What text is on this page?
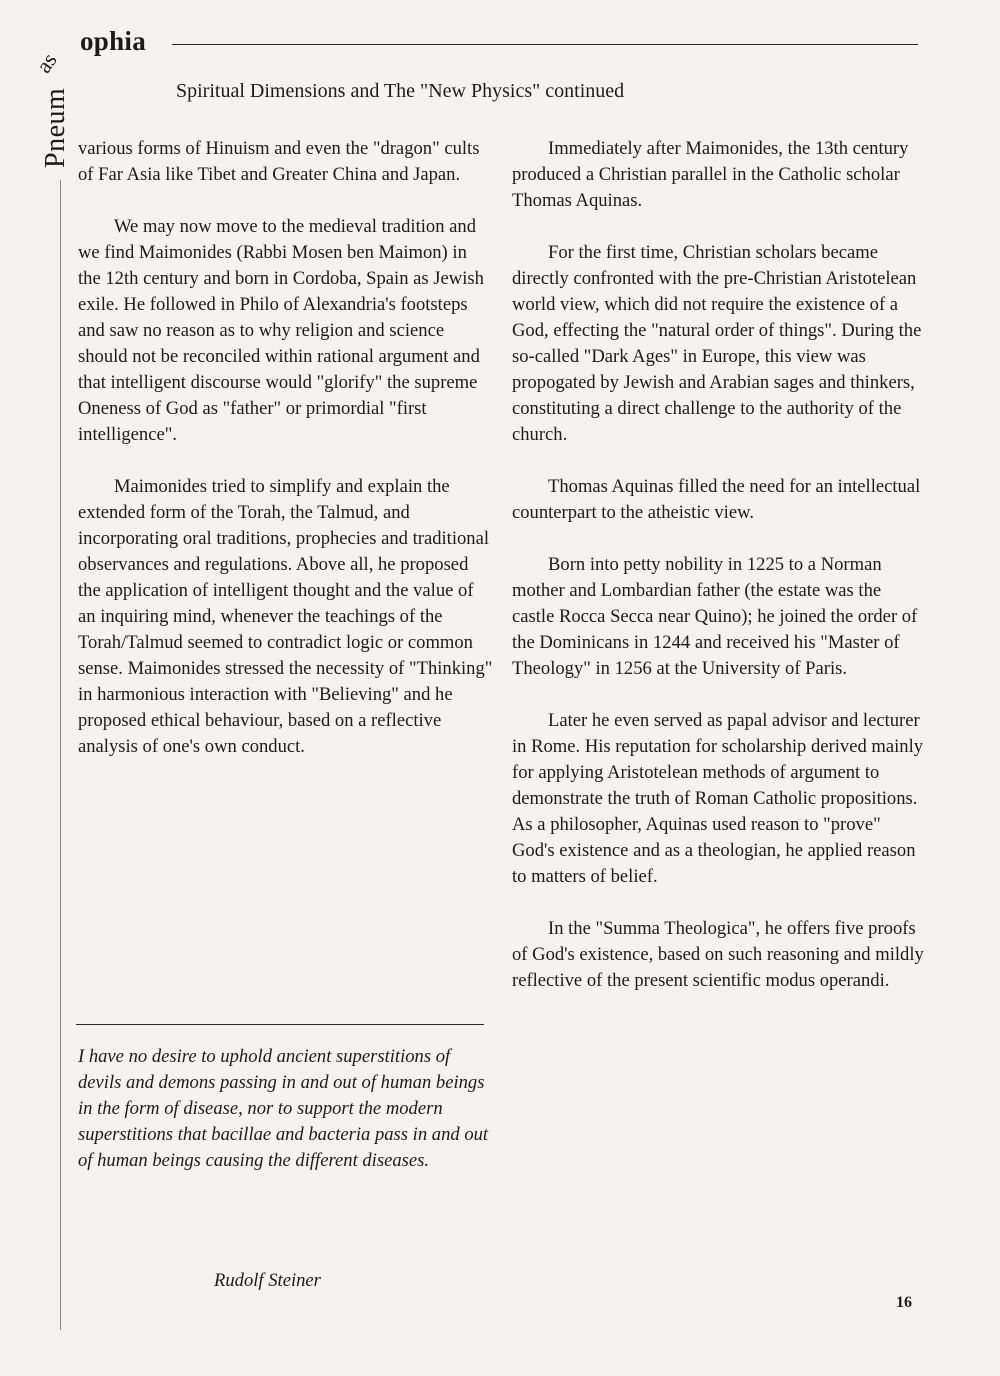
Pneum
as
ophia
Spiritual Dimensions and The "New Physics" continued

various forms of Hinuism and even the "dragon" cults of Far Asia like Tibet and Greater China and Japan.

We may now move to the medieval tradition and we find Maimonides (Rabbi Mosen ben Maimon) in the 12th century and born in Cordoba, Spain as Jewish exile. He followed in Philo of Alexandria's footsteps and saw no reason as to why religion and science should not be reconciled within rational argument and that intelligent discourse would "glorify" the supreme Oneness of God as "father" or primordial "first intelligence".

Maimonides tried to simplify and explain the extended form of the Torah, the Talmud, and incorporating oral traditions, prophecies and traditional observances and regulations. Above all, he proposed the application of intelligent thought and the value of an inquiring mind, whenever the teachings of the Torah/Talmud seemed to contradict logic or common sense. Maimonides stressed the necessity of "Thinking" in harmonious interaction with "Believing" and he proposed ethical behaviour, based on a reflective analysis of one's own conduct.

I have no desire to uphold ancient superstitions of devils and demons passing in and out of human beings in the form of disease, nor to support the modern superstitions that bacillae and bacteria pass in and out of human beings causing the different diseases.
Rudolf Steiner

Immediately after Maimonides, the 13th century produced a Christian parallel in the Catholic scholar Thomas Aquinas.

For the first time, Christian scholars became directly confronted with the pre-Christian Aristotelean world view, which did not require the existence of a God, effecting the "natural order of things". During the so-called "Dark Ages" in Europe, this view was propogated by Jewish and Arabian sages and thinkers, constituting a direct challenge to the authority of the church.

Thomas Aquinas filled the need for an intellectual counterpart to the atheistic view.

Born into petty nobility in 1225 to a Norman mother and Lombardian father (the estate was the castle Rocca Secca near Quino); he joined the order of the Dominicans in 1244 and received his "Master of Theology" in 1256 at the University of Paris.

Later he even served as papal advisor and lecturer in Rome. His reputation for scholarship derived mainly for applying Aristotelean methods of argument to demonstrate the truth of Roman Catholic propositions. As a philosopher, Aquinas used reason to "prove" God's existence and as a theologian, he applied reason to matters of belief.

In the "Summa Theologica", he offers five proofs of God's existence, based on such reasoning and mildly reflective of the present scientific modus operandi.

16
